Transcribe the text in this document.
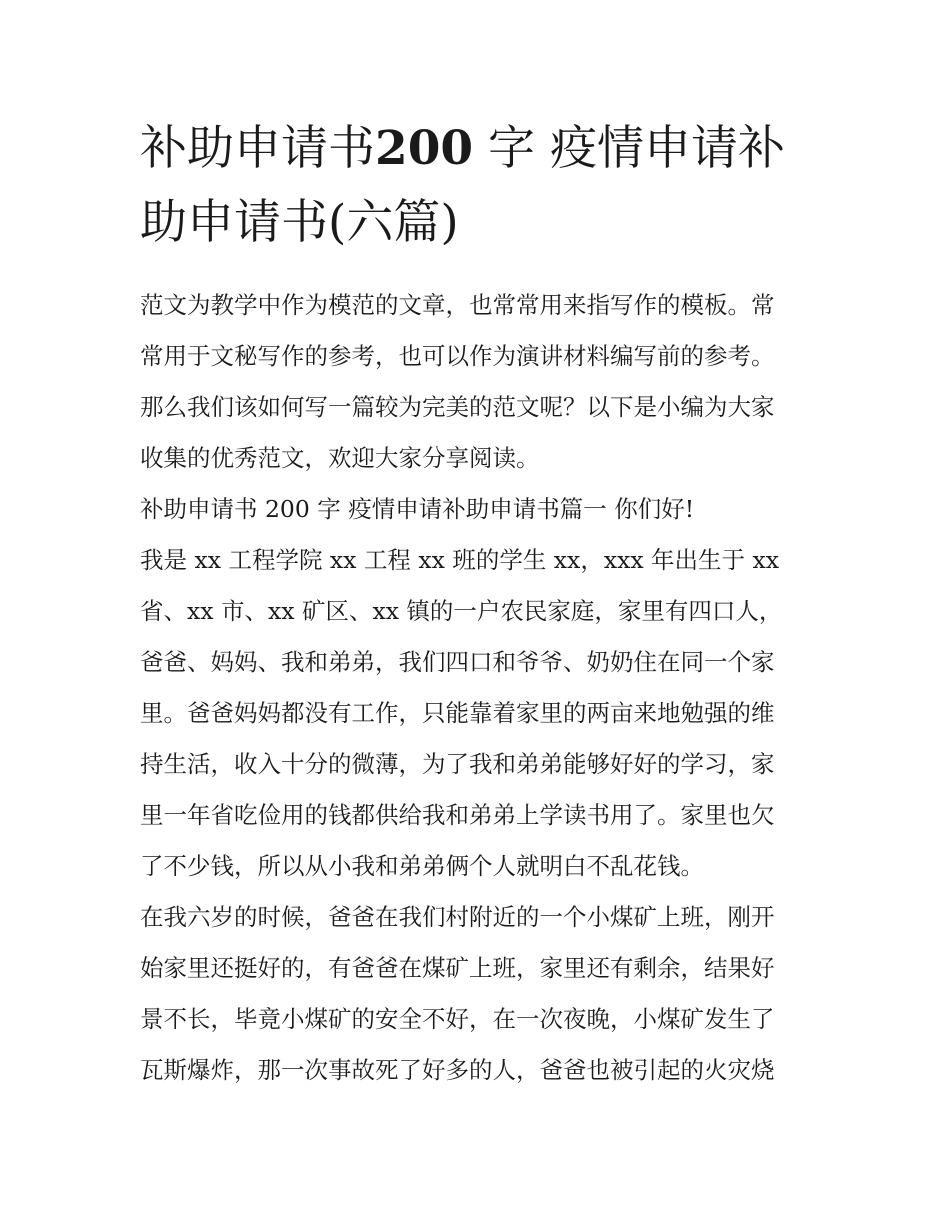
补助申请书200 字 疫情申请补
助申请书(六篇)
范文为教学中作为模范的文章，也常常用来指写作的模板。常
常用于文秘写作的参考，也可以作为演讲材料编写前的参考。
那么我们该如何写一篇较为完美的范文呢？以下是小编为大家
收集的优秀范文，欢迎大家分享阅读。
补助申请书 200 字 疫情申请补助申请书篇一 你们好!
我是 xx 工程学院 xx 工程 xx 班的学生 xx，xxx 年出生于 xx
省、xx 市、xx 矿区、xx 镇的一户农民家庭，家里有四口人，
爸爸、妈妈、我和弟弟，我们四口和爷爷、奶奶住在同一个家
里。爸爸妈妈都没有工作，只能靠着家里的两亩来地勉强的维
持生活，收入十分的微薄，为了我和弟弟能够好好的学习，家
里一年省吃俭用的钱都供给我和弟弟上学读书用了。家里也欠
了不少钱，所以从小我和弟弟俩个人就明白不乱花钱。
在我六岁的时候，爸爸在我们村附近的一个小煤矿上班，刚开
始家里还挺好的，有爸爸在煤矿上班，家里还有剩余，结果好
景不长，毕竟小煤矿的安全不好，在一次夜晚，小煤矿发生了
瓦斯爆炸，那一次事故死了好多的人，爸爸也被引起的火灾烧
